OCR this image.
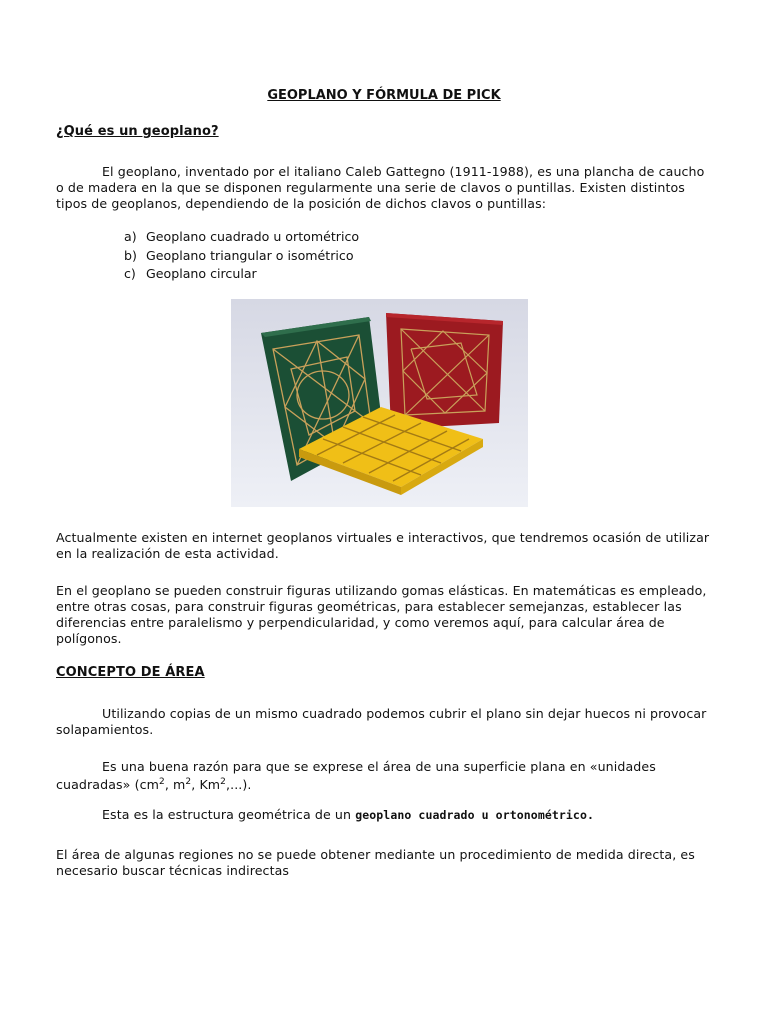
GEOPLANO Y FÓRMULA DE PICK
¿Qué es un geoplano?

El geoplano, inventado por el italiano Caleb Gattegno (1911-1988), es una plancha de caucho o de madera en la que se disponen regularmente una serie de clavos o puntillas. Existen distintos tipos de geoplanos, dependiendo de la posición de dichos clavos o puntillas:

a) Geoplano cuadrado u ortométrico
b) Geoplano triangular o isométrico
c) Geoplano circular

Actualmente existen en internet geoplanos virtuales e interactivos, que tendremos ocasión de utilizar en la realización de esta actividad.

En el geoplano se pueden construir figuras utilizando gomas elásticas. En matemáticas es empleado, entre otras cosas, para construir figuras geométricas, para establecer semejanzas, establecer las diferencias entre paralelismo y perpendicularidad, y como veremos aquí, para calcular área de polígonos.

CONCEPTO DE ÁREA

Utilizando copias de un mismo cuadrado podemos cubrir el plano sin dejar huecos ni provocar solapamientos.

Es una buena razón para que se exprese el área de una superficie plana en «unidades cuadradas» ($cm^2$, $m^2$, Km$^2$,...).

Esta es la estructura geométrica de un geoplano cuadrado u ortonométrico.

El área de algunas regiones no se puede obtener mediante un procedimiento de medida directa, es necesario buscar técnicas indirectas
